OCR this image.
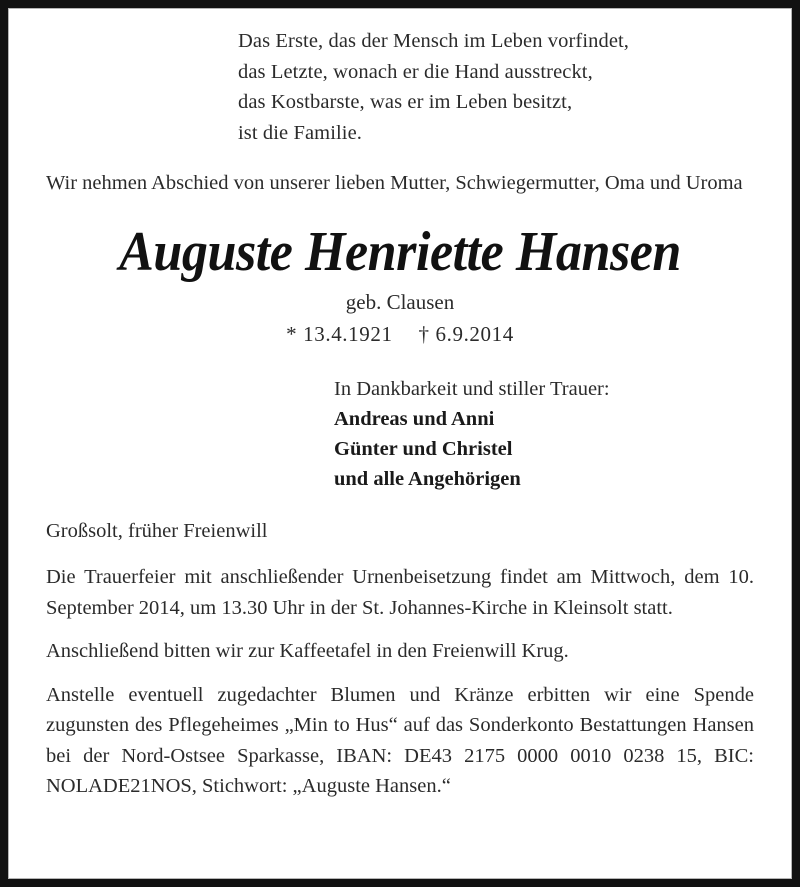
Das Erste, das der Mensch im Leben vorfindet,
das Letzte, wonach er die Hand ausstreckt,
das Kostbarste, was er im Leben besitzt,
ist die Familie.
Wir nehmen Abschied von unserer lieben Mutter, Schwiegermutter, Oma und Uroma
Auguste Henriette Hansen
geb. Clausen
* 13.4.1921 † 6.9.2014
In Dankbarkeit und stiller Trauer:
Andreas und Anni
Günter und Christel
und alle Angehörigen
Großsolt, früher Freienwill
Die Trauerfeier mit anschließender Urnenbeisetzung findet am Mittwoch, dem 10. September 2014, um 13.30 Uhr in der St. Johannes-Kirche in Kleinsolt statt.
Anschließend bitten wir zur Kaffeetafel in den Freienwill Krug.
Anstelle eventuell zugedachter Blumen und Kränze erbitten wir eine Spende zugunsten des Pflegeheimes „Min to Hus“ auf das Sonderkonto Bestattungen Hansen bei der Nord-Ostsee Sparkasse, IBAN: DE43 2175 0000 0010 0238 15, BIC: NOLADE21NOS, Stichwort: „Auguste Hansen.“
